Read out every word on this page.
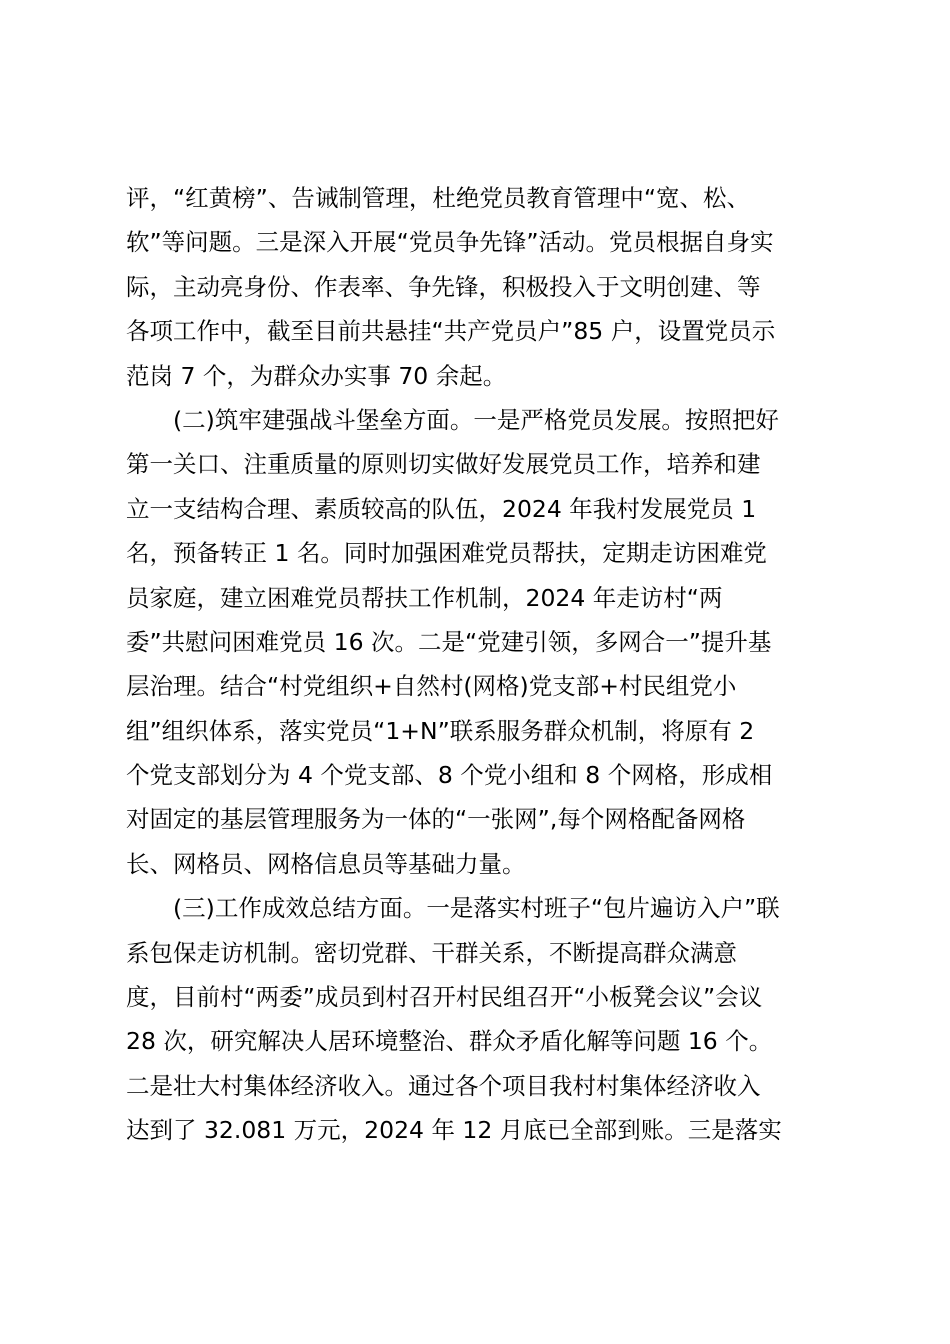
评，“红黄榜”、告诫制管理，杜绝党员教育管理中“宽、松、
软”等问题。三是深入开展“党员争先锋”活动。党员根据自身实
际，主动亮身份、作表率、争先锋，积极投入于文明创建、等
各项工作中，截至目前共悬挂“共产党员户”85 户，设置党员示
范岗 7 个，为群众办实事 70 余起。
(二)筑牢建强战斗堡垒方面。一是严格党员发展。按照把好
第一关口、注重质量的原则切实做好发展党员工作，培养和建
立一支结构合理、素质较高的队伍，2024 年我村发展党员 1
名，预备转正 1 名。同时加强困难党员帮扶，定期走访困难党
员家庭，建立困难党员帮扶工作机制，2024 年走访村“两
委”共慰问困难党员 16 次。二是“党建引领，多网合一”提升基
层治理。结合“村党组织+自然村(网格)党支部+村民组党小
组”组织体系，落实党员“1+N”联系服务群众机制，将原有 2
个党支部划分为 4 个党支部、8 个党小组和 8 个网格，形成相
对固定的基层管理服务为一体的“一张网”,每个网格配备网格
长、网格员、网格信息员等基础力量。
(三)工作成效总结方面。一是落实村班子“包片遍访入户”联
系包保走访机制。密切党群、干群关系，不断提高群众满意
度，目前村“两委”成员到村召开村民组召开“小板凳会议”会议
28 次，研究解决人居环境整治、群众矛盾化解等问题 16 个。
二是壮大村集体经济收入。通过各个项目我村村集体经济收入
达到了 32.081 万元，2024 年 12 月底已全部到账。三是落实
